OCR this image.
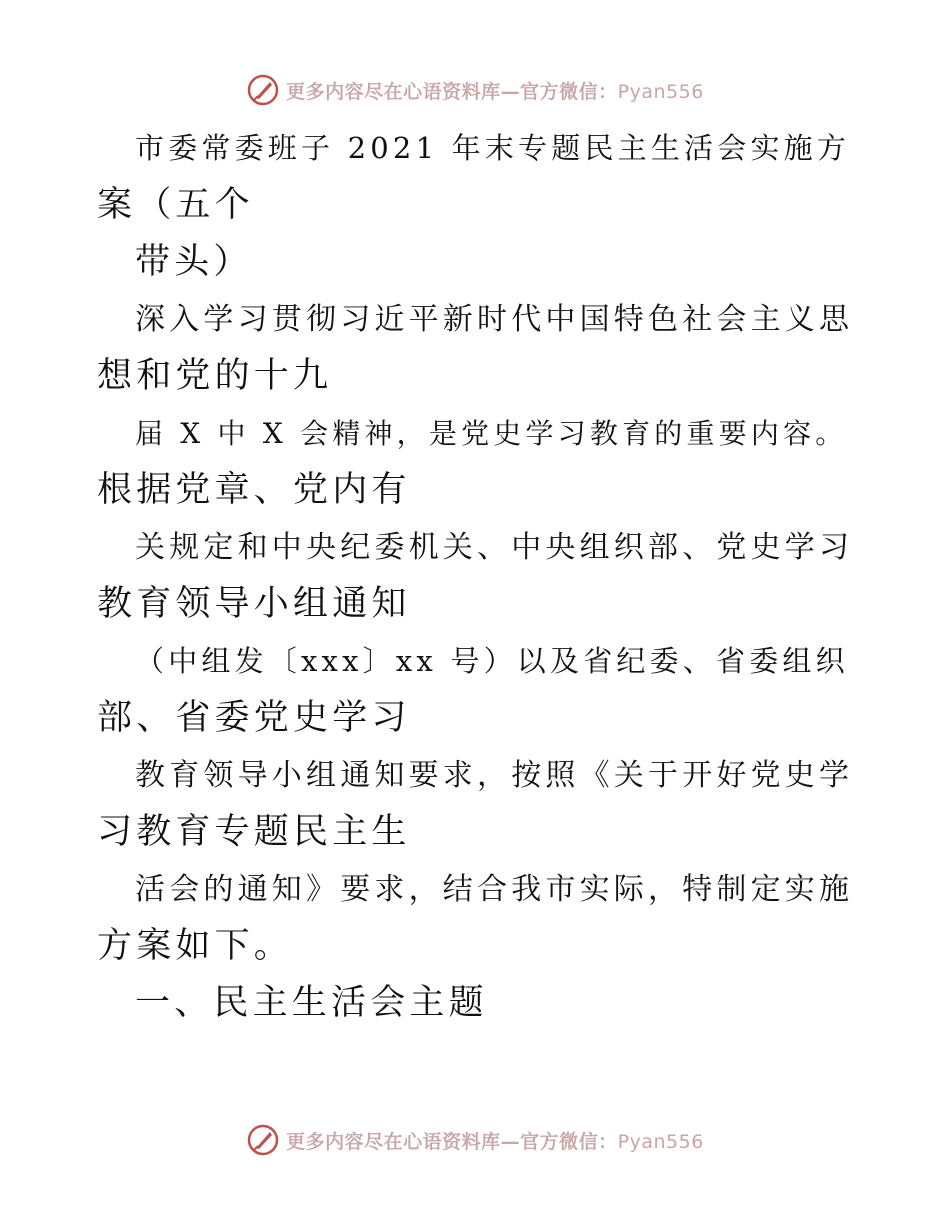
更多内容尽在心语资料库—官方微信：Pyan556
市委常委班子 2021 年末专题民主生活会实施方
案（五个
带头）
深入学习贯彻习近平新时代中国特色社会主义思
想和党的十九
届 X 中 X 会精神，是党史学习教育的重要内容。
根据党章、党内有
关规定和中央纪委机关、中央组织部、党史学习
教育领导小组通知
（中组发〔xxx〕xx 号）以及省纪委、省委组织
部、省委党史学习
教育领导小组通知要求，按照《关于开好党史学
习教育专题民主生
活会的通知》要求，结合我市实际，特制定实施
方案如下。
一、民主生活会主题
更多内容尽在心语资料库—官方微信：Pyan556
